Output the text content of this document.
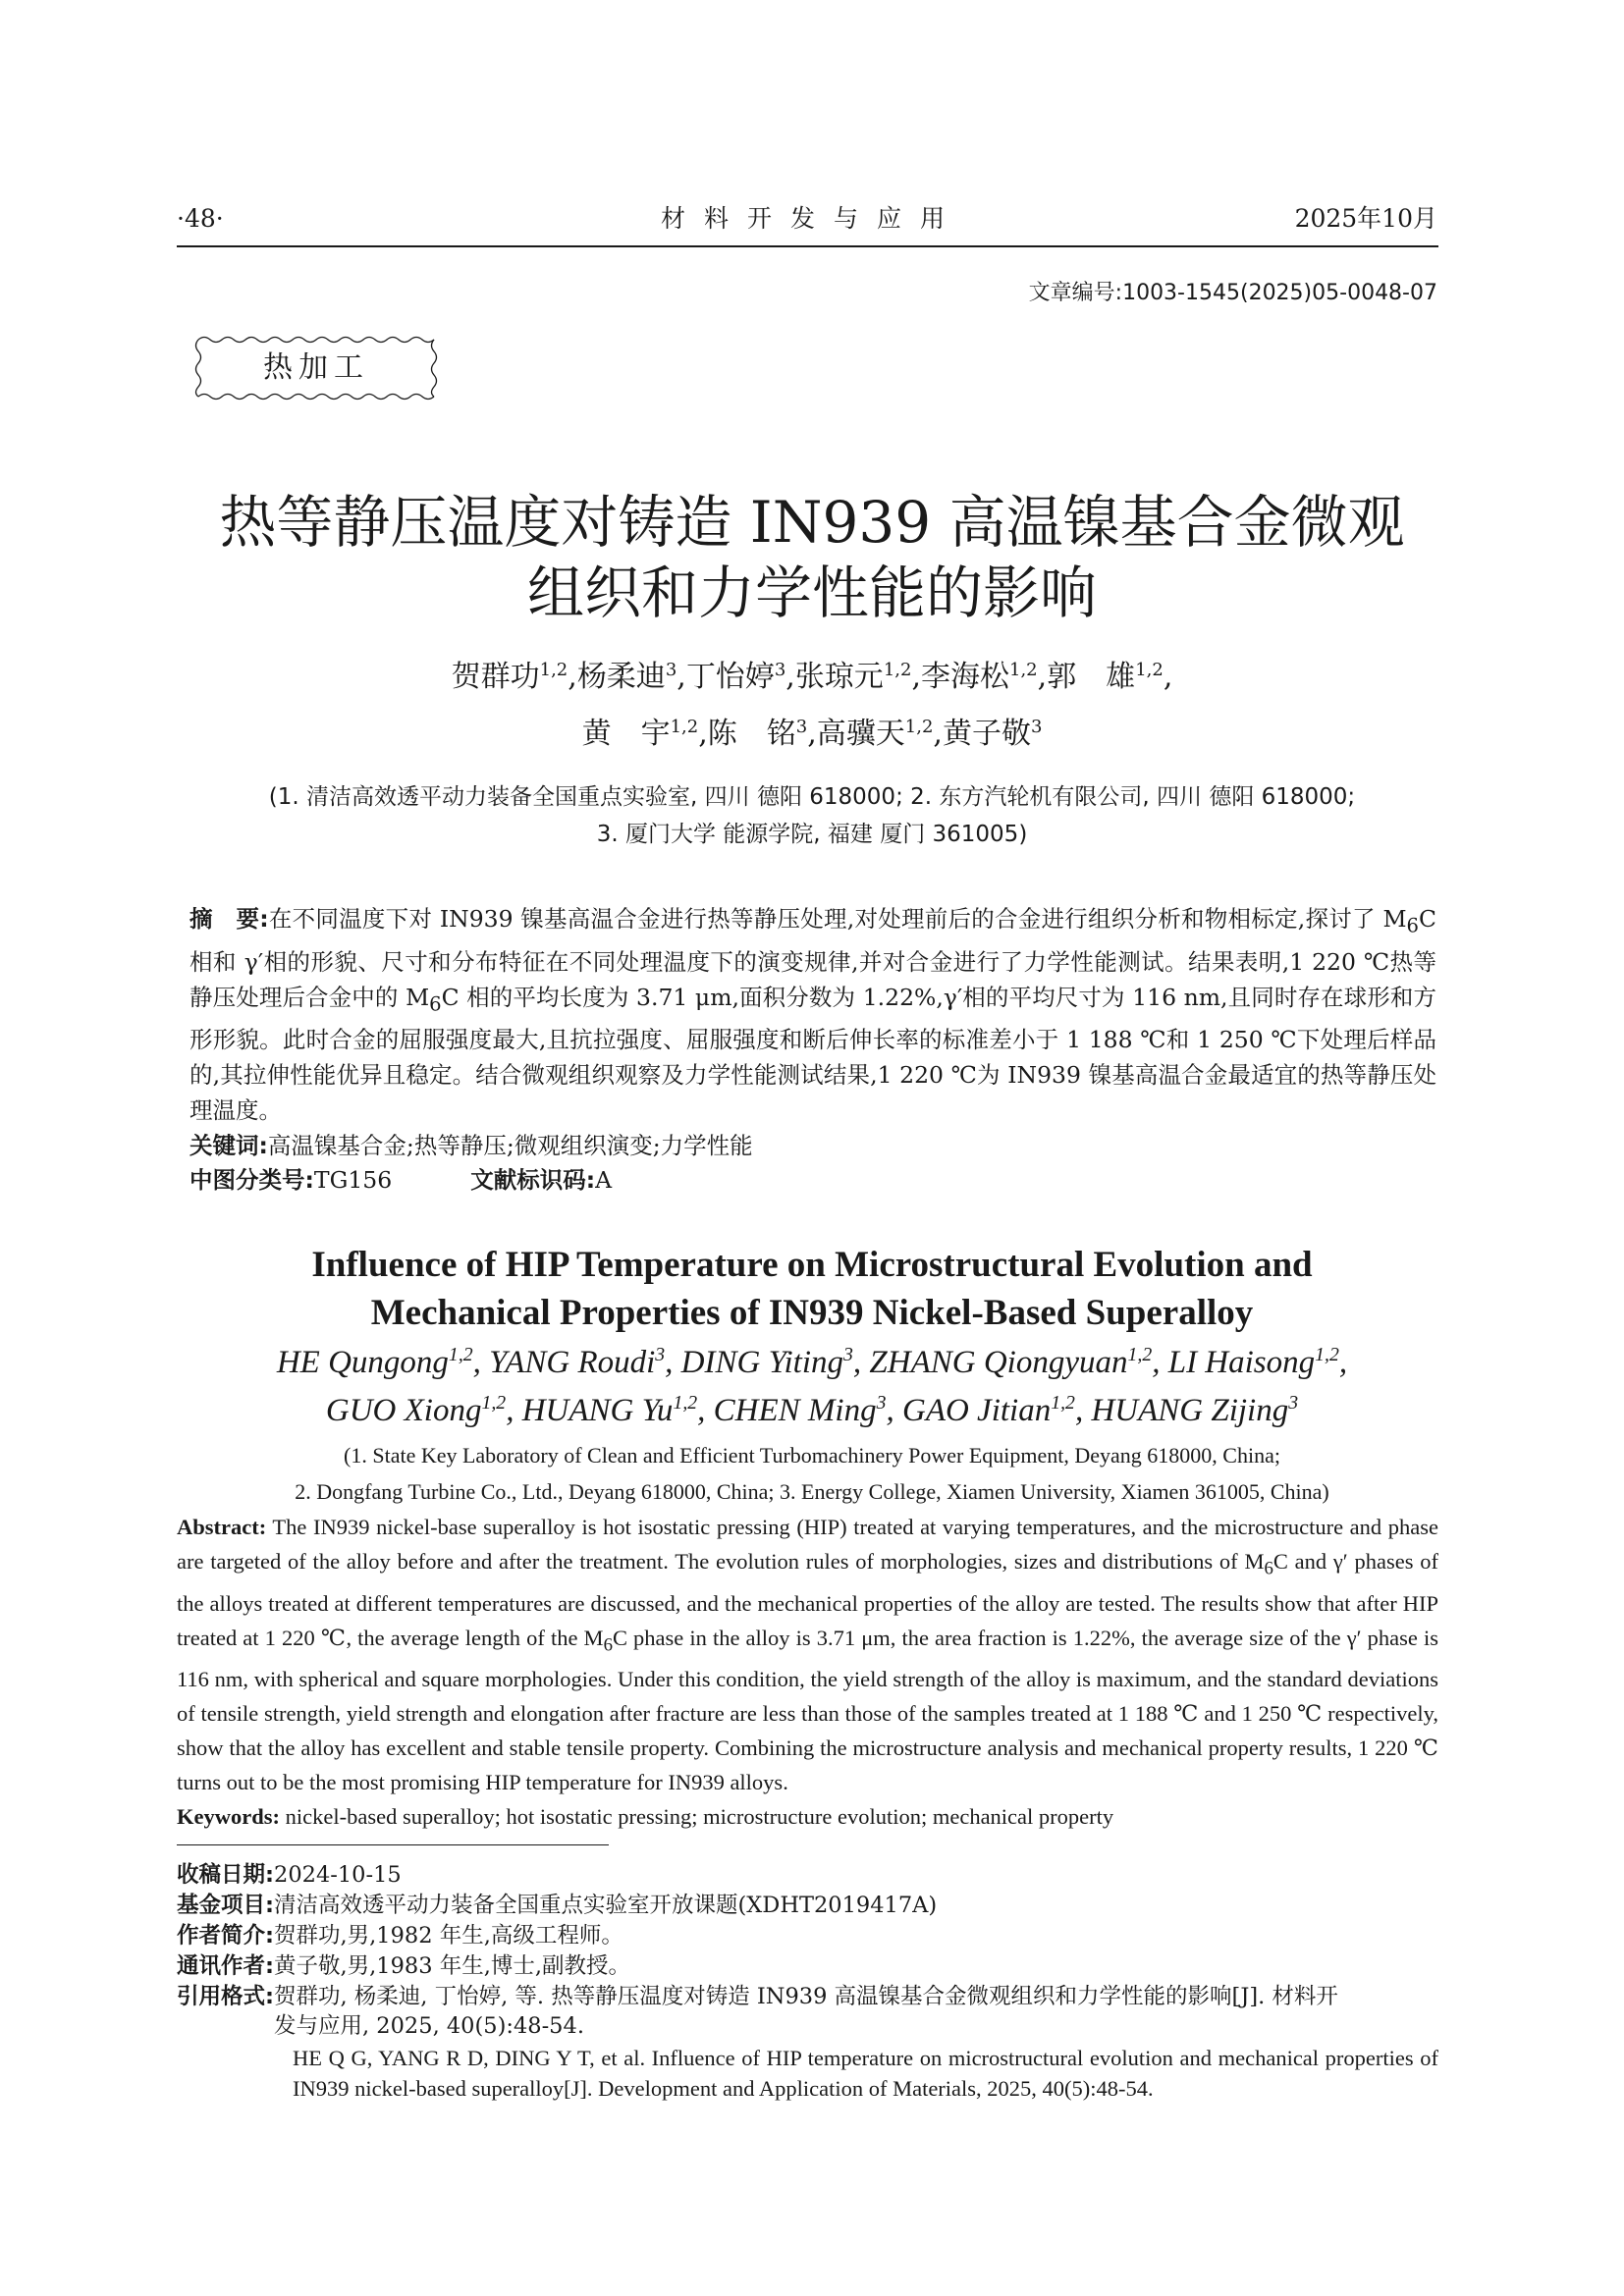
·48·	材料开发与应用	2025年10月
文章编号:1003-1545(2025)05-0048-07
热加工
热等静压温度对铸造 IN939 高温镍基合金微观
组织和力学性能的影响
贺群功$^{1,2}$,杨柔迪$^3$,丁怡婷$^3$,张琼元$^{1,2}$,李海松$^{1,2}$,郭　雄$^{1,2}$,
黄　宇$^{1,2}$,陈　铭$^3$,高骥天$^{1,2}$,黄子敬$^3$
(1. 清洁高效透平动力装备全国重点实验室, 四川 德阳 618000; 2. 东方汽轮机有限公司, 四川 德阳 618000;
3. 厦门大学 能源学院, 福建 厦门 361005)
摘　要:在不同温度下对 IN939 镍基高温合金进行热等静压处理,对处理前后的合金进行组织分析和物相标定,探讨了 $M_6C$ 相和 γ′相的形貌、尺寸和分布特征在不同处理温度下的演变规律,并对合金进行了力学性能测试。结果表明,1 220 ℃热等静压处理后合金中的 $M_6C$ 相的平均长度为 3.71 μm,面积分数为 1.22%,γ′相的平均尺寸为 116 nm,且同时存在球形和方形形貌。此时合金的屈服强度最大,且抗拉强度、屈服强度和断后伸长率的标准差小于 1 188 ℃和 1 250 ℃下处理后样品的,其拉伸性能优异且稳定。结合微观组织观察及力学性能测试结果,1 220 ℃为 IN939 镍基高温合金最适宜的热等静压处理温度。
关键词:高温镍基合金;热等静压;微观组织演变;力学性能
中图分类号:TG156	文献标识码:A
Influence of HIP Temperature on Microstructural Evolution and
Mechanical Properties of IN939 Nickel-Based Superalloy
HE Qungong$^{1,2}$, YANG Roudi$^3$, DING Yiting$^3$, ZHANG Qiongyuan$^{1,2}$, LI Haisong$^{1,2}$,
GUO Xiong$^{1,2}$, HUANG Yu$^{1,2}$, CHEN Ming$^3$, GAO Jitian$^{1,2}$, HUANG Zijing$^3$
(1. State Key Laboratory of Clean and Efficient Turbomachinery Power Equipment, Deyang 618000, China;
2. Dongfang Turbine Co., Ltd., Deyang 618000, China; 3. Energy College, Xiamen University, Xiamen 361005, China)
Abstract: The IN939 nickel-base superalloy is hot isostatic pressing (HIP) treated at varying temperatures, and the microstructure and phase are targeted of the alloy before and after the treatment. The evolution rules of morphologies, sizes and distributions of $M_6C$ and γ′ phases of the alloys treated at different temperatures are discussed, and the mechanical properties of the alloy are tested. The results show that after HIP treated at 1 220 ℃, the average length of the $M_6C$ phase in the alloy is 3.71 μm, the area fraction is 1.22%, the average size of the γ′ phase is 116 nm, with spherical and square morphologies. Under this condition, the yield strength of the alloy is maximum, and the standard deviations of tensile strength, yield strength and elongation after fracture are less than those of the samples treated at 1 188 ℃ and 1 250 ℃ respectively, show that the alloy has excellent and stable tensile property. Combining the microstructure analysis and mechanical property results, 1 220 ℃ turns out to be the most promising HIP temperature for IN939 alloys.
Keywords: nickel-based superalloy; hot isostatic pressing; microstructure evolution; mechanical property
收稿日期:2024-10-15
基金项目:清洁高效透平动力装备全国重点实验室开放课题(XDHT2019417A)
作者简介:贺群功,男,1982 年生,高级工程师。
通讯作者:黄子敬,男,1983 年生,博士,副教授。
引用格式:贺群功, 杨柔迪, 丁怡婷, 等. 热等静压温度对铸造 IN939 高温镍基合金微观组织和力学性能的影响[J]. 材料开发与应用, 2025, 40(5):48-54.
HE Q G, YANG R D, DING Y T, et al. Influence of HIP temperature on microstructural evolution and mechanical properties of IN939 nickel-based superalloy[J]. Development and Application of Materials, 2025, 40(5):48-54.
